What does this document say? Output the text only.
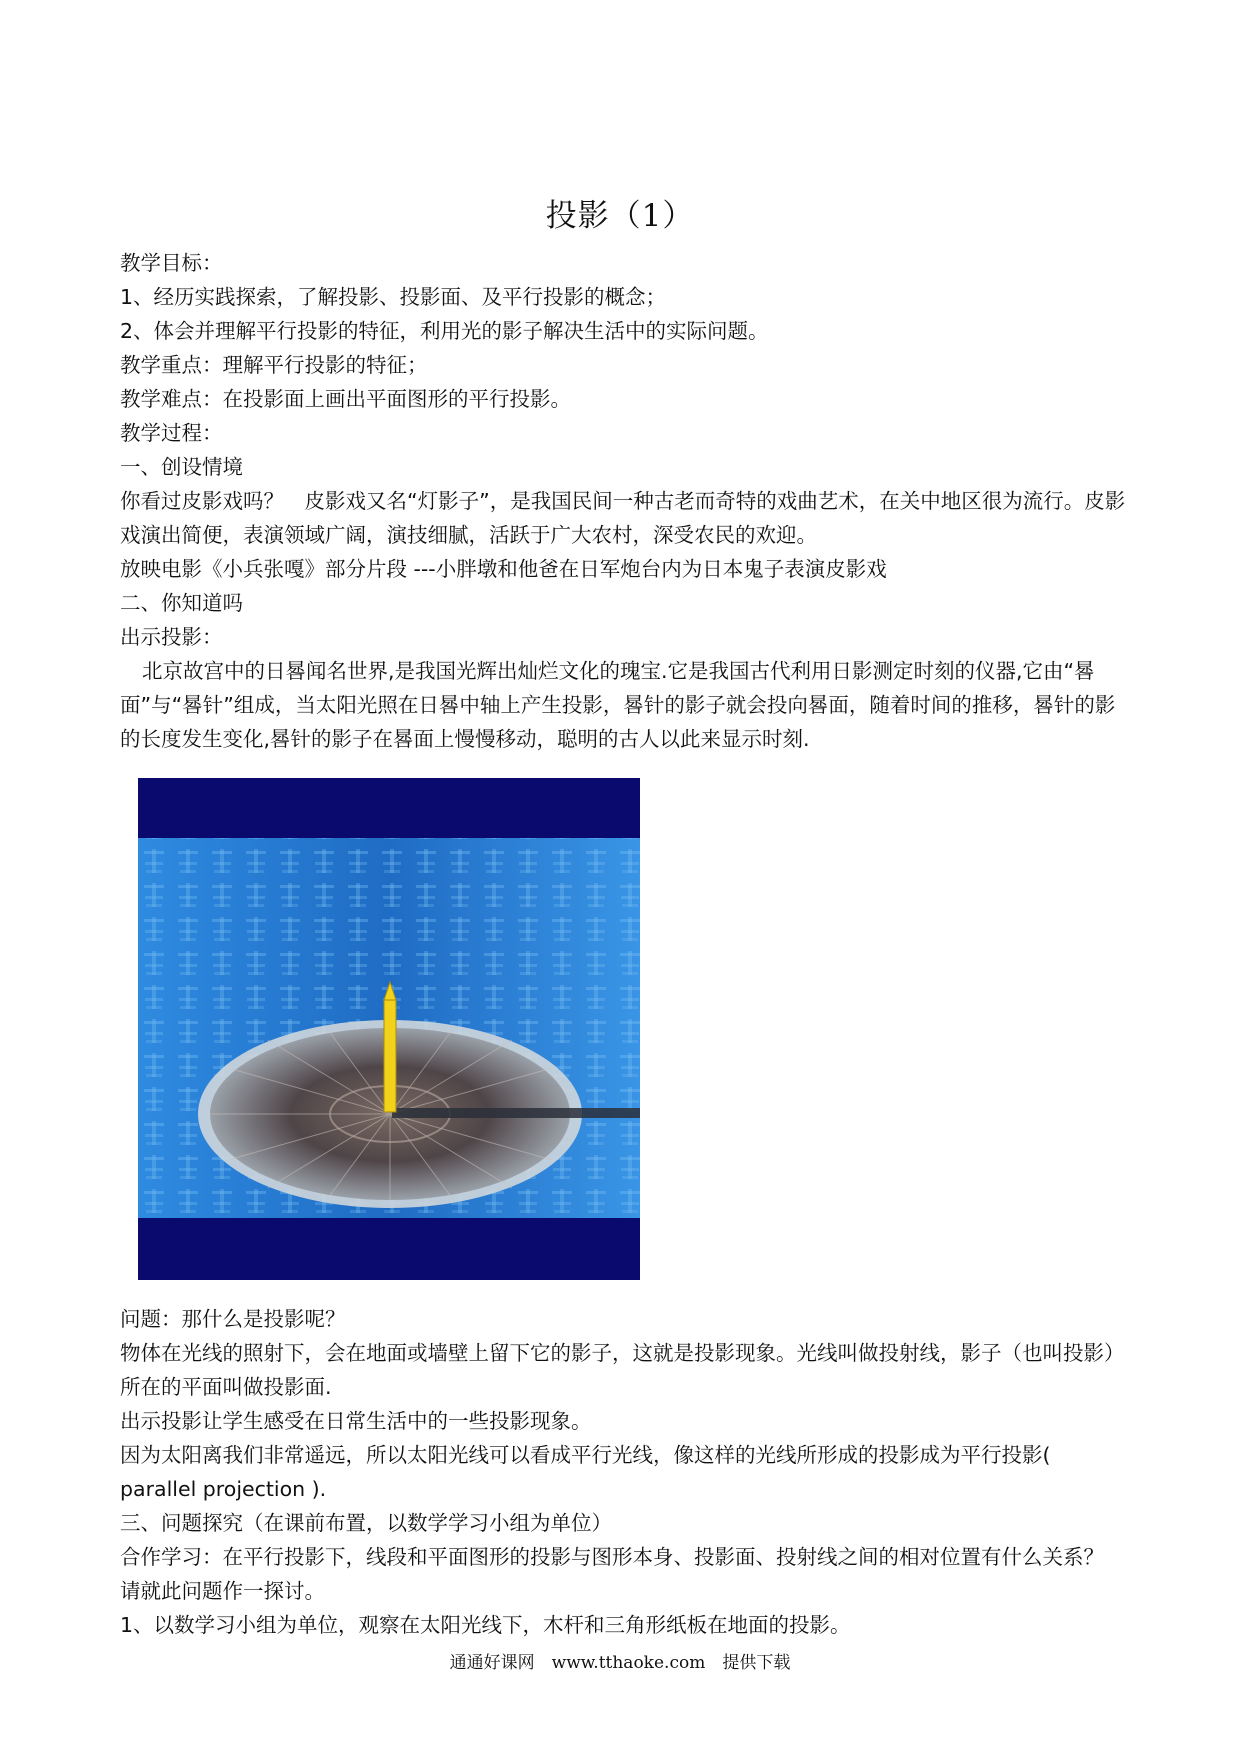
投影（1）

教学目标：

1、经历实践探索，了解投影、投影面、及平行投影的概念；

2、体会并理解平行投影的特征，利用光的影子解决生活中的实际问题。

教学重点：理解平行投影的特征；

教学难点：在投影面上画出平面图形的平行投影。

教学过程：

一、创设情境

你看过皮影戏吗？　皮影戏又名“灯影子”，是我国民间一种古老而奇特的戏曲艺术，在关中地区很为流行。皮影戏演出简便，表演领域广阔，演技细腻，活跃于广大农村，深受农民的欢迎。

放映电影《小兵张嘎》部分片段 ---小胖墩和他爸在日军炮台内为日本鬼子表演皮影戏

二、你知道吗

出示投影：

北京故宫中的日晷闻名世界,是我国光辉出灿烂文化的瑰宝.它是我国古代利用日影测定时刻的仪器,它由“晷面”与“晷针”组成，当太阳光照在日晷中轴上产生投影，晷针的影子就会投向晷面，随着时间的推移，晷针的影的长度发生变化,晷针的影子在晷面上慢慢移动，聪明的古人以此来显示时刻.

问题：那什么是投影呢？

物体在光线的照射下，会在地面或墙壁上留下它的影子，这就是投影现象。光线叫做投射线，影子（也叫投影）所在的平面叫做投影面.

出示投影让学生感受在日常生活中的一些投影现象。

因为太阳离我们非常遥远，所以太阳光线可以看成平行光线，像这样的光线所形成的投影成为平行投影( parallel projection ).

三、问题探究（在课前布置，以数学学习小组为单位）

合作学习：在平行投影下，线段和平面图形的投影与图形本身、投影面、投射线之间的相对位置有什么关系？　请就此问题作一探讨。

1、以数学习小组为单位，观察在太阳光线下，木杆和三角形纸板在地面的投影。

通通好课网　www.tthaoke.com　提供下载
